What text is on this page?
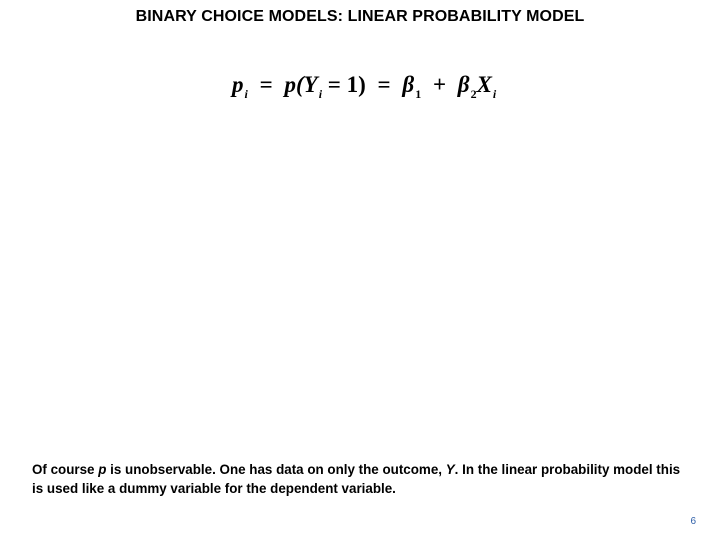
BINARY CHOICE MODELS: LINEAR PROBABILITY MODEL
$p_i = p(Y_i = 1) = \beta_1 + \beta_2X_i$
Of course p is unobservable. One has data on only the outcome, Y. In the linear probability model this is used like a dummy variable for the dependent variable.
6
